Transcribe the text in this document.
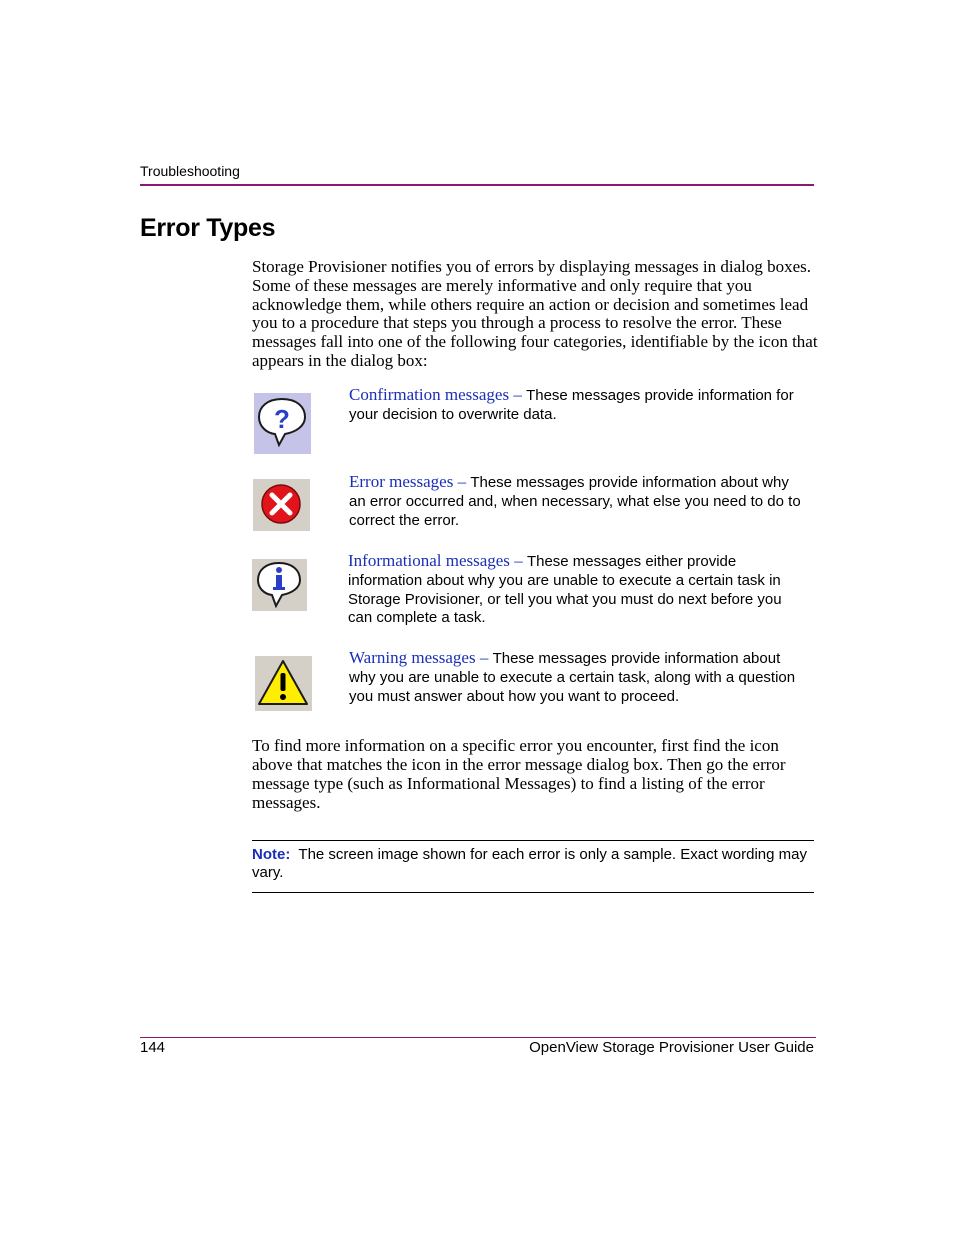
Troubleshooting
Error Types
Storage Provisioner notifies you of errors by displaying messages in dialog boxes. Some of these messages are merely informative and only require that you acknowledge them, while others require an action or decision and sometimes lead you to a procedure that steps you through a process to resolve the error. These messages fall into one of the following four categories, identifiable by the icon that appears in the dialog box:
?
Confirmation messages – These messages provide information for your decision to overwrite data.
Error messages – These messages provide information about why an error occurred and, when necessary, what else you need to do to correct the error.
Informational messages – These messages either provide information about why you are unable to execute a certain task in Storage Provisioner, or tell you what you must do next before you can complete a task.
Warning messages – These messages provide information about why you are unable to execute a certain task, along with a question you must answer about how you want to proceed.
To find more information on a specific error you encounter, first find the icon above that matches the icon in the error message dialog box. Then go the error message type (such as Informational Messages) to find a listing of the error messages.
Note: The screen image shown for each error is only a sample. Exact wording may vary.
144	OpenView Storage Provisioner User Guide
